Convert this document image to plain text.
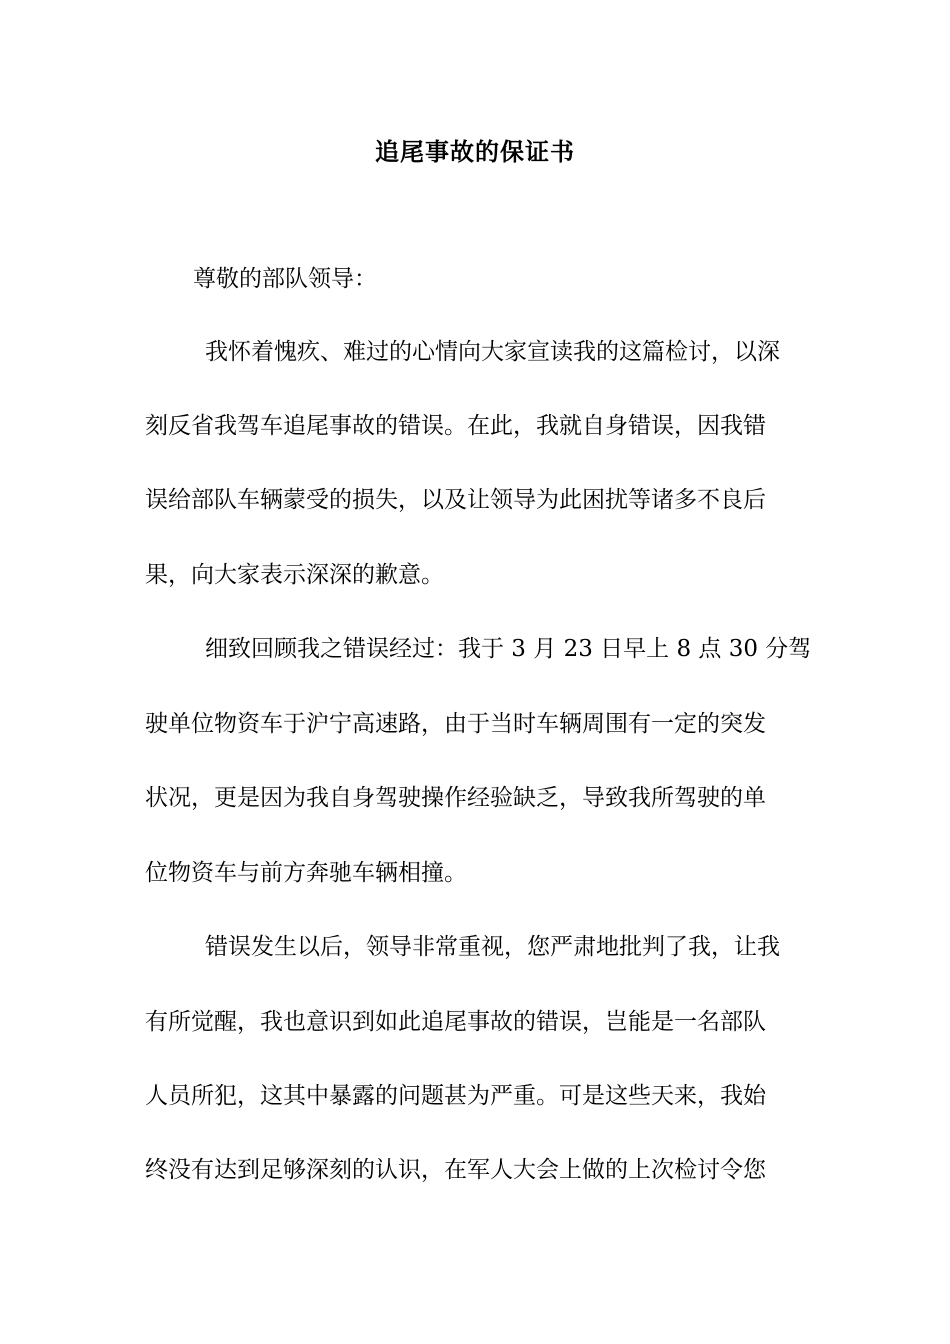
追尾事故的保证书
尊敬的部队领导：
我怀着愧疚、难过的心情向大家宣读我的这篇检讨，以深
刻反省我驾车追尾事故的错误。在此，我就自身错误，因我错
误给部队车辆蒙受的损失，以及让领导为此困扰等诸多不良后
果，向大家表示深深的歉意。
细致回顾我之错误经过：我于 3 月 23 日早上 8 点 30 分驾
驶单位物资车于沪宁高速路，由于当时车辆周围有一定的突发
状况，更是因为我自身驾驶操作经验缺乏，导致我所驾驶的单
位物资车与前方奔驰车辆相撞。
错误发生以后，领导非常重视，您严肃地批判了我，让我
有所觉醒，我也意识到如此追尾事故的错误，岂能是一名部队
人员所犯，这其中暴露的问题甚为严重。可是这些天来，我始
终没有达到足够深刻的认识，在军人大会上做的上次检讨令您
